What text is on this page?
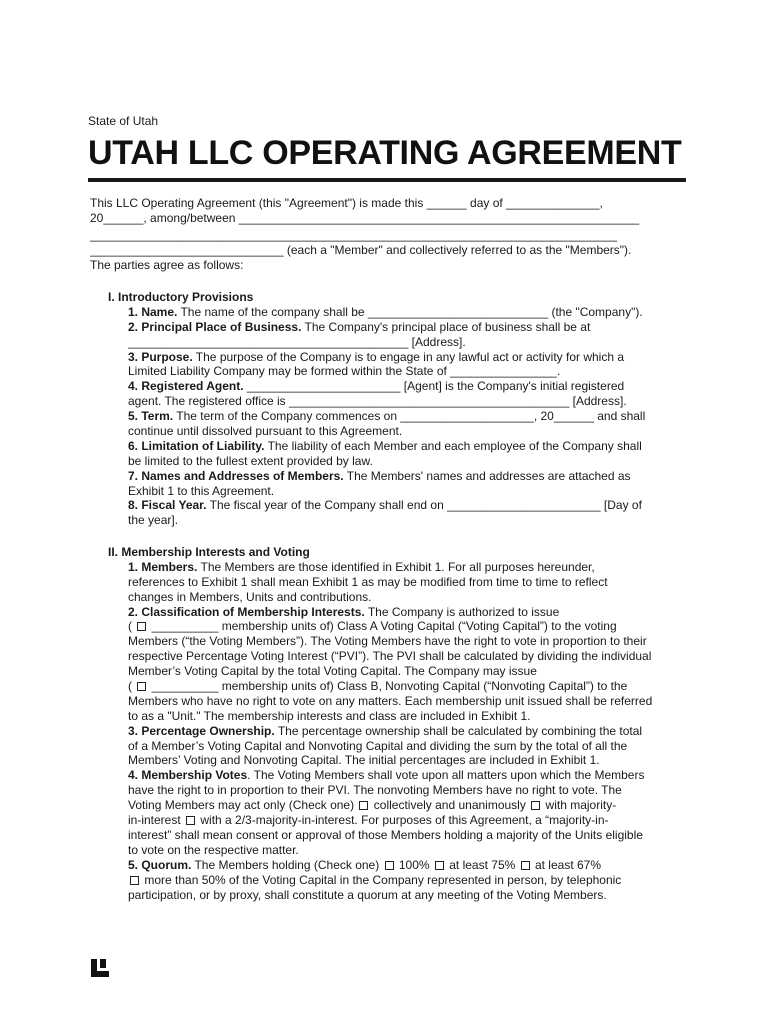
State of Utah
UTAH LLC OPERATING AGREEMENT
This LLC Operating Agreement (this "Agreement") is made this ______ day of ______________,
20______, among/between ____________________________________________________________
_______________________________________________________________________________
_____________________________ (each a "Member" and collectively referred to as the "Members").
The parties agree as follows:
I. Introductory Provisions
1. Name. The name of the company shall be ___________________________ (the "Company").
2. Principal Place of Business. The Company's principal place of business shall be at
__________________________________________ [Address].
3. Purpose. The purpose of the Company is to engage in any lawful act or activity for which a
Limited Liability Company may be formed within the State of ________________.
4. Registered Agent. _______________________ [Agent] is the Company's initial registered
agent. The registered office is __________________________________________ [Address].
5. Term. The term of the Company commences on ____________________, 20______ and shall
continue until dissolved pursuant to this Agreement.
6. Limitation of Liability. The liability of each Member and each employee of the Company shall
be limited to the fullest extent provided by law.
7. Names and Addresses of Members. The Members' names and addresses are attached as
Exhibit 1 to this Agreement.
8. Fiscal Year. The fiscal year of the Company shall end on _______________________ [Day of
the year].
II. Membership Interests and Voting
1. Members. The Members are those identified in Exhibit 1. For all purposes hereunder,
references to Exhibit 1 shall mean Exhibit 1 as may be modified from time to time to reflect
changes in Members, Units and contributions.
2. Classification of Membership Interests. The Company is authorized to issue
(  __________ membership units of) Class A Voting Capital (“Voting Capital”) to the voting
Members (“the Voting Members”). The Voting Members have the right to vote in proportion to their
respective Percentage Voting Interest (“PVI”). The PVI shall be calculated by dividing the individual
Member’s Voting Capital by the total Voting Capital. The Company may issue
(  __________ membership units of) Class B, Nonvoting Capital (“Nonvoting Capital”) to the
Members who have no right to vote on any matters. Each membership unit issued shall be referred
to as a "Unit." The membership interests and class are included in Exhibit 1.
3. Percentage Ownership. The percentage ownership shall be calculated by combining the total
of a Member’s Voting Capital and Nonvoting Capital and dividing the sum by the total of all the
Members’ Voting and Nonvoting Capital. The initial percentages are included in Exhibit 1.
4. Membership Votes. The Voting Members shall vote upon all matters upon which the Members
have the right to in proportion to their PVI. The nonvoting Members have no right to vote. The
Voting Members may act only (Check one)  collectively and unanimously  with majority-
in-interest  with a 2/3-majority-in-interest. For purposes of this Agreement, a “majority-in-
interest” shall mean consent or approval of those Members holding a majority of the Units eligible
to vote on the respective matter.
5. Quorum. The Members holding (Check one)  100%  at least 75%  at least 67%
more than 50% of the Voting Capital in the Company represented in person, by telephonic
participation, or by proxy, shall constitute a quorum at any meeting of the Voting Members.
